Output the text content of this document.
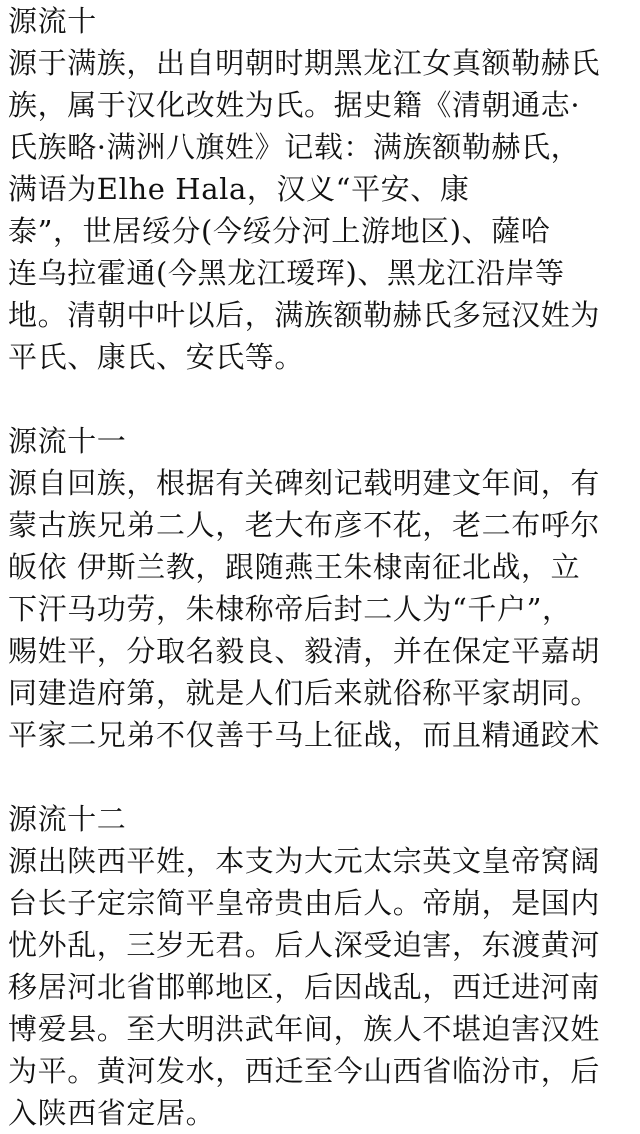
源流十
源于满族，出自明朝时期黑龙江女真额勒赫氏
族，属于汉化改姓为氏。据史籍《清朝通志·
氏族略·满洲八旗姓》记载：满族额勒赫氏，
满语为Elhe Hala，汉义“平安、康
泰”，世居绥分(今绥分河上游地区)、薩哈
连乌拉霍通(今黑龙江瑷珲)、黑龙江沿岸等
地。清朝中叶以后，满族额勒赫氏多冠汉姓为
平氏、康氏、安氏等。
源流十一
源自回族，根据有关碑刻记载明建文年间，有
蒙古族兄弟二人，老大布彦不花，老二布呼尔
皈依 伊斯兰教，跟随燕王朱棣南征北战，立
下汗马功劳，朱棣称帝后封二人为“千户”，
赐姓平，分取名毅良、毅清，并在保定平嘉胡
同建造府第，就是人们后来就俗称平家胡同。
平家二兄弟不仅善于马上征战，而且精通跤术
源流十二
源出陕西平姓，本支为大元太宗英文皇帝窝阔
台长子定宗简平皇帝贵由后人。帝崩，是国内
忧外乱，三岁无君。后人深受迫害，东渡黄河
移居河北省邯郸地区，后因战乱，西迁进河南
博爱县。至大明洪武年间，族人不堪迫害汉姓
为平。黄河发水，西迁至今山西省临汾市，后
入陕西省定居。
